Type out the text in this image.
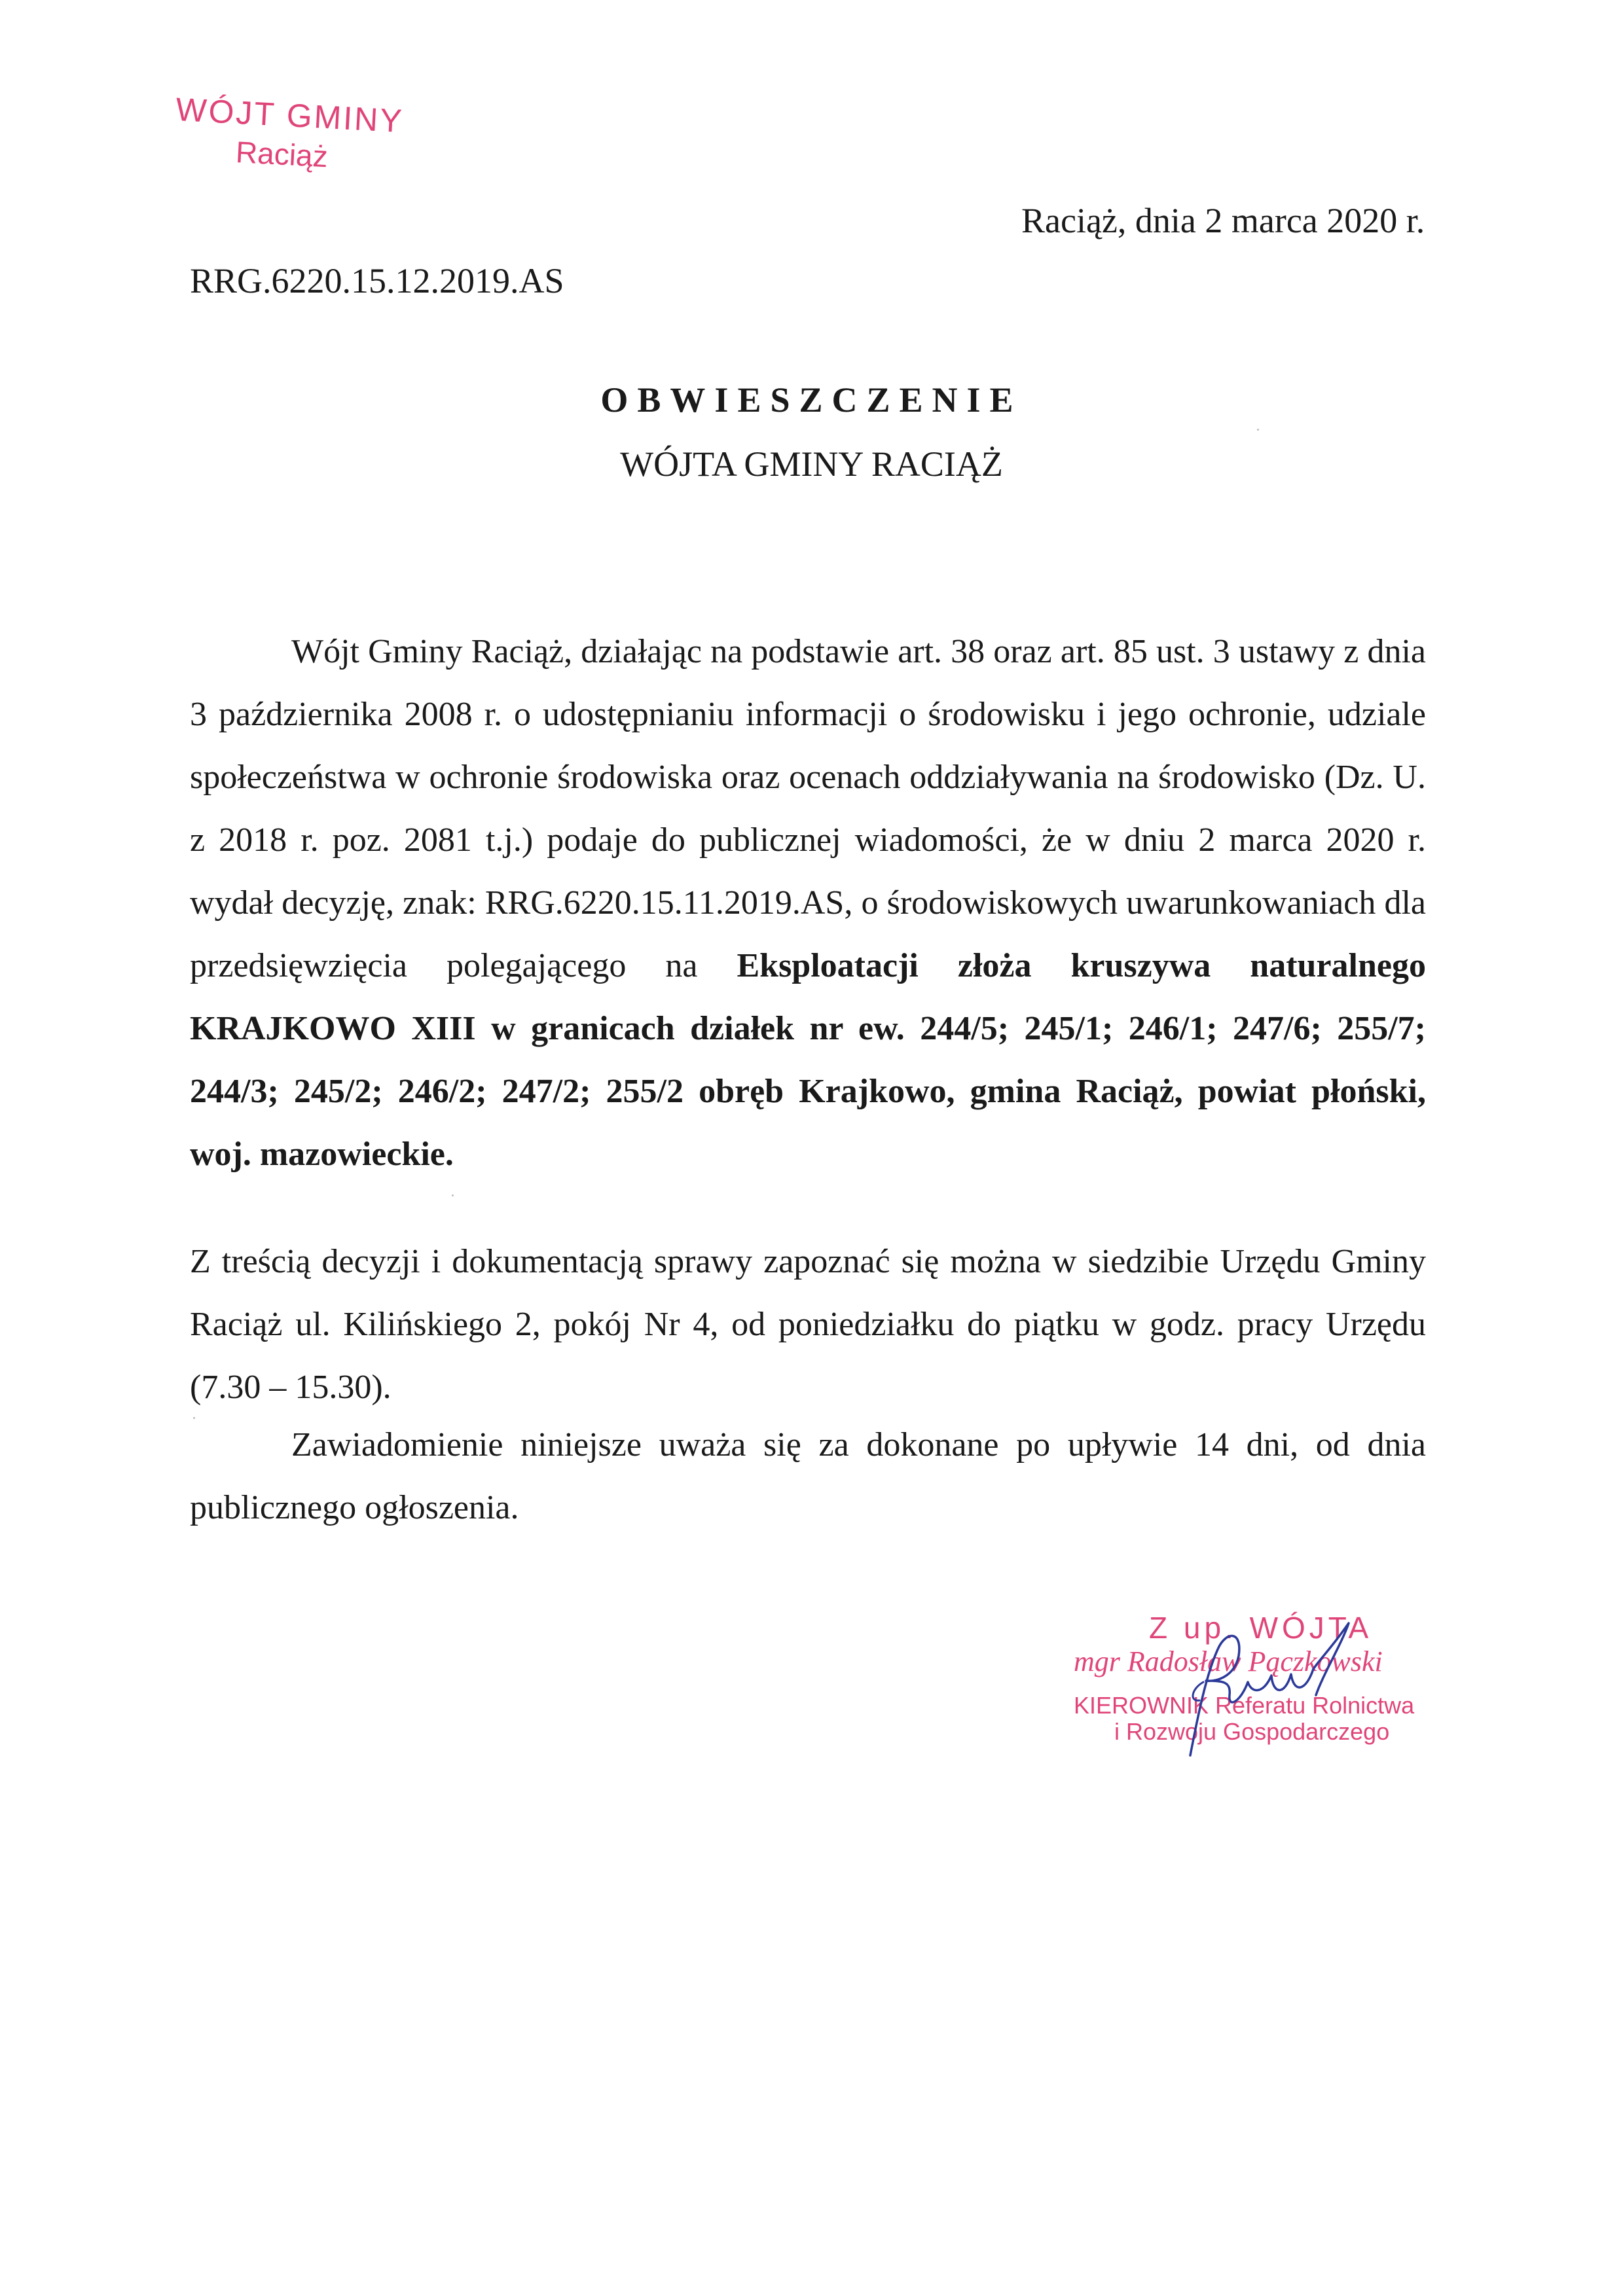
WÓJT GMINY
Raciąż
Raciąż, dnia 2 marca 2020 r.
RRG.6220.15.12.2019.AS
OBWIESZCZENIE
WÓJTA GMINY RACIĄŻ
Wójt Gminy Raciąż, działając na podstawie art. 38 oraz art. 85 ust. 3 ustawy z dnia 3 października 2008 r. o udostępnianiu informacji o środowisku i jego ochronie, udziale społeczeństwa w ochronie środowiska oraz ocenach oddziaływania na środowisko (Dz. U. z 2018 r. poz. 2081 t.j.) podaje do publicznej wiadomości, że w dniu 2 marca 2020 r. wydał decyzję, znak: RRG.6220.15.11.2019.AS, o środowiskowych uwarunkowaniach dla przedsięwzięcia polegającego na Eksploatacji złoża kruszywa naturalnego KRAJKOWO XIII w granicach działek nr ew. 244/5; 245/1; 246/1; 247/6; 255/7; 244/3; 245/2; 246/2; 247/2; 255/2 obręb Krajkowo, gmina Raciąż, powiat płoński, woj. mazowieckie.
Z treścią decyzji i dokumentacją sprawy zapoznać się można w siedzibie Urzędu Gminy Raciąż ul. Kilińskiego 2, pokój Nr 4, od poniedziałku do piątku w godz. pracy Urzędu (7.30 – 15.30).
Zawiadomienie niniejsze uważa się za dokonane po upływie 14 dni, od dnia publicznego ogłoszenia.
Z up. WÓJTA
mgr Radosław Pączkowski
KIEROWNIK Referatu Rolnictwa
i Rozwoju Gospodarczego
